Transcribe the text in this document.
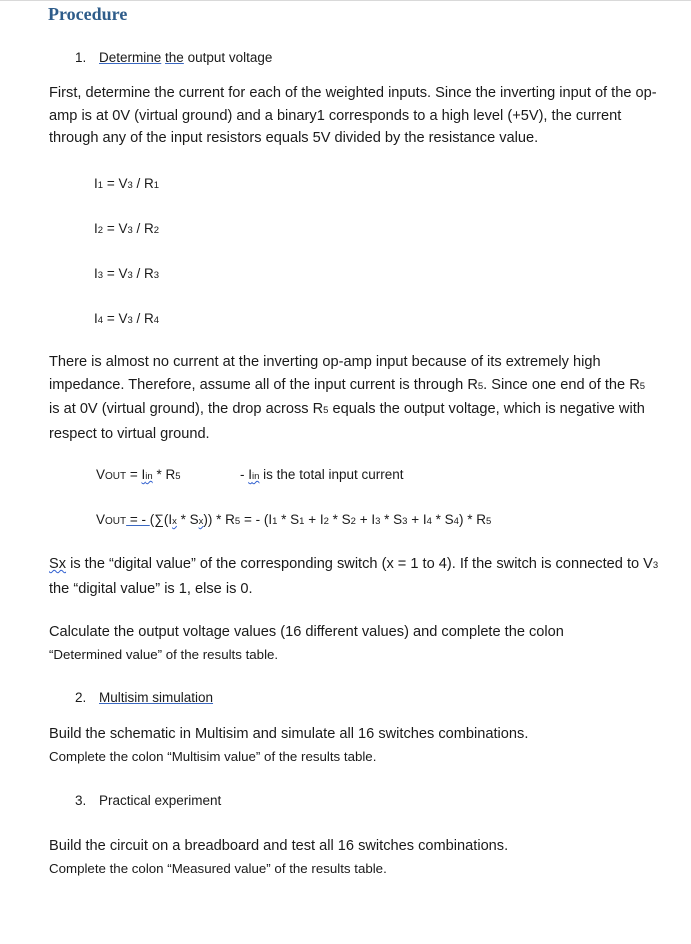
Procedure
1. Determine the output voltage
First, determine the current for each of the weighted inputs. Since the inverting input of the op-amp is at 0V (virtual ground) and a binary1 corresponds to a high level (+5V), the current through any of the input resistors equals 5V divided by the resistance value.
I1 = V3 / R1
I2 = V3 / R2
I3 = V3 / R3
I4 = V3 / R4
There is almost no current at the inverting op-amp input because of its extremely high impedance. Therefore, assume all of the input current is through R5. Since one end of the R5 is at 0V (virtual ground), the drop across R5 equals the output voltage, which is negative with respect to virtual ground.
VOUT = Iin * R5	- Iin is the total input current
VOUT = - (∑(Ix * Sx)) * R5 = - (I1 * S1 + I2 * S2 + I3 * S3 + I4 * S4) * R5
Sx is the “digital value” of the corresponding switch (x = 1 to 4). If the switch is connected to V3 the “digital value” is 1, else is 0.
Calculate the output voltage values (16 different values) and complete the colon
“Determined value” of the results table.
2. Multisim simulation
Build the schematic in Multisim and simulate all 16 switches combinations.
Complete the colon “Multisim value” of the results table.
3. Practical experiment
Build the circuit on a breadboard and test all 16 switches combinations.
Complete the colon “Measured value” of the results table.
